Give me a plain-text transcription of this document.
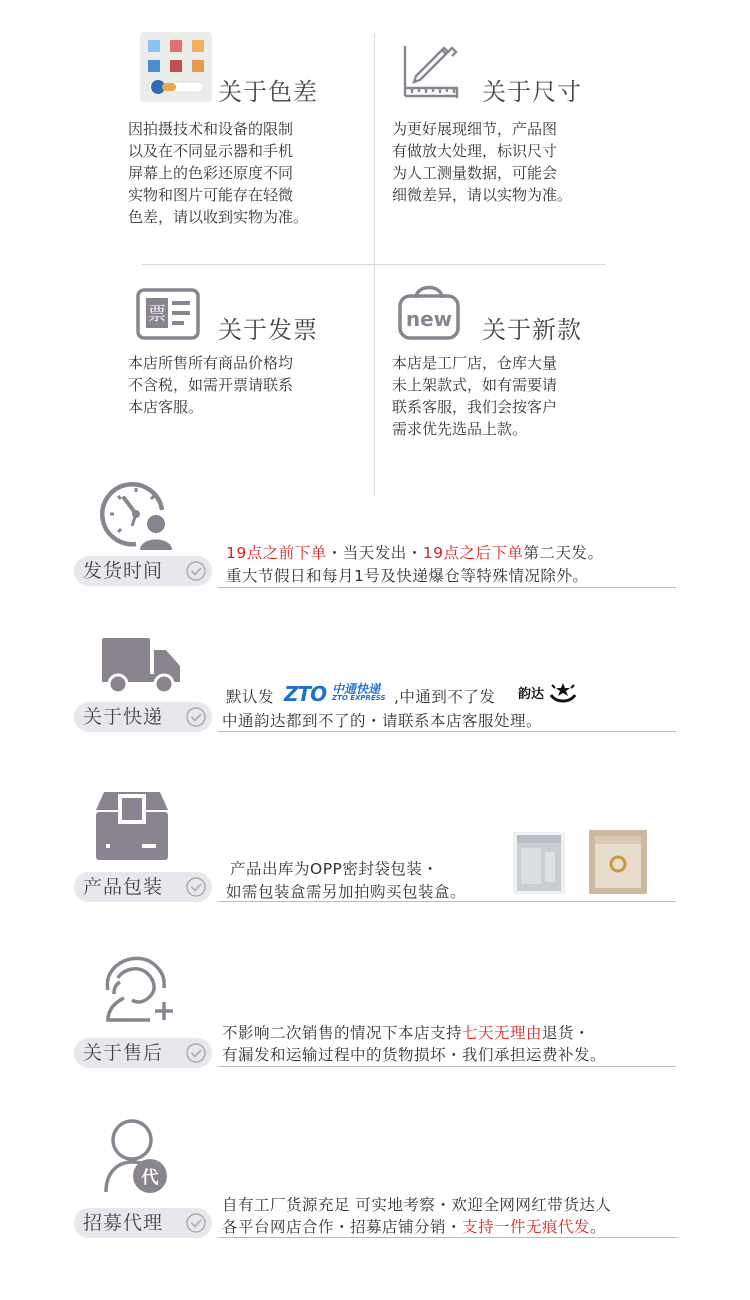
关于色差
因拍摄技术和设备的限制
以及在不同显示器和手机
屏幕上的色彩还原度不同
实物和图片可能存在轻微
色差，请以收到实物为准。
关于尺寸
为更好展现细节，产品图
有做放大处理，标识尺寸
为人工测量数据，可能会
细微差异，请以实物为准。
票
关于发票
本店所售所有商品价格均
不含税，如需开票请联系
本店客服。
new 关于新款
本店是工厂店，仓库大量
未上架款式，如有需要请
联系客服，我们会按客户
需求优先选品上款。
发货时间
19点之前下单・当天发出・19点之后下单第二天发。
重大节假日和每月1号及快递爆仓等特殊情况除外。
关于快递
默认发 ZTO 中通快递
ZTO EXPRESS ,中通到不了发 韵达
中通韵达都到不了的・请联系本店客服处理。
产品包装
产品出库为OPP密封袋包装・
如需包装盒需另加拍购买包装盒。
关于售后
不影响二次销售的情况下本店支持七天无理由退货・
有漏发和运输过程中的货物损坏・我们承担运费补发。
代
招募代理
自有工厂货源充足 可实地考察・欢迎全网网红带货达人
各平台网店合作・招募店铺分销・支持一件无痕代发。
